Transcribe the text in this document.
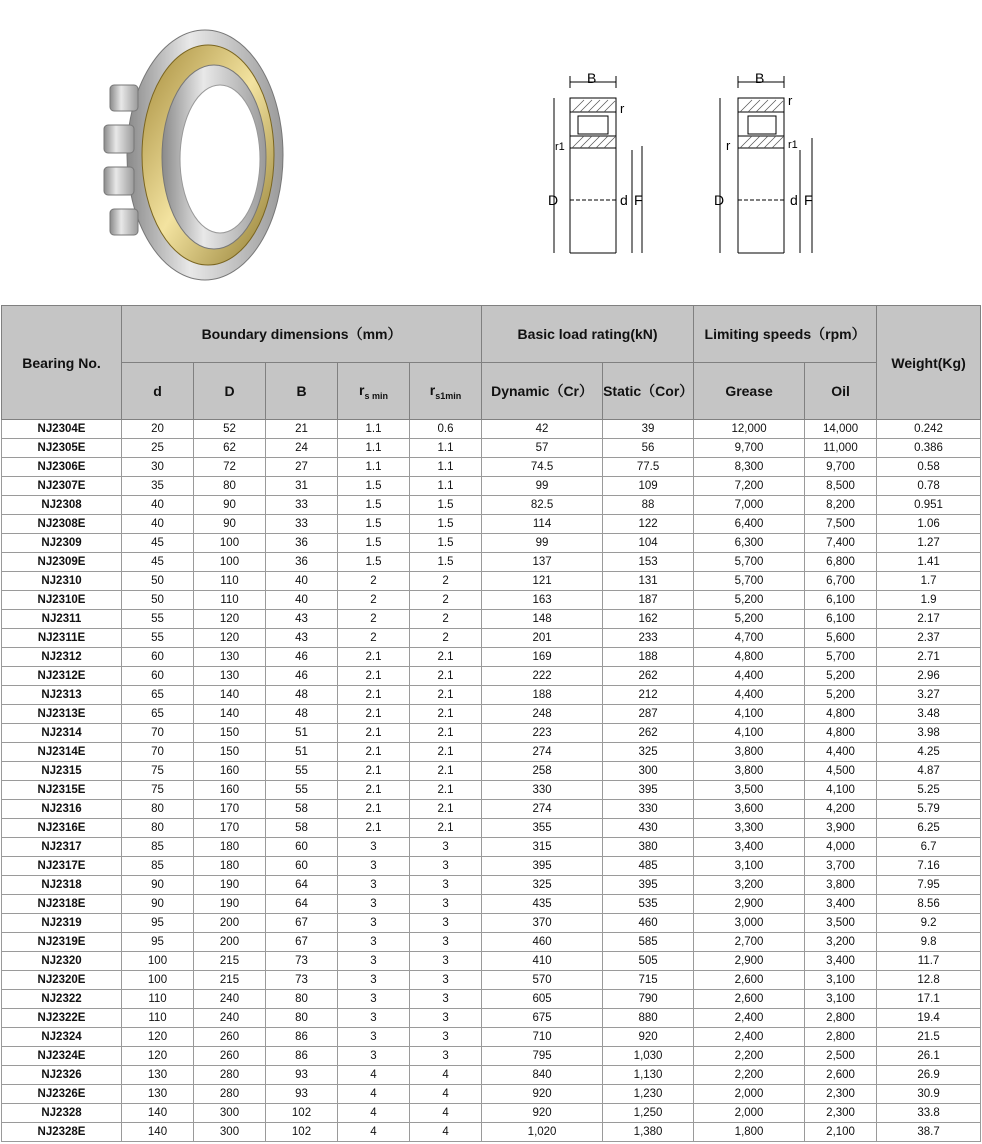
B
r
r1
D	d F
B
r
r	r1
D	d F
Bearing No.	Boundary dimensions（mm）					Basic load rating(kN)		Limiting speeds（rpm）		Weight(Kg)
	d	D	B	$r_{s min}$	$r_{s1min}$	Dynamic（Cr）	Static（Cor）	Grease	Oil	
NJ2304E	20	52	21	1.1	0.6	42	39	12,000	14,000	0.242
NJ2305E	25	62	24	1.1	1.1	57	56	9,700	11,000	0.386
NJ2306E	30	72	27	1.1	1.1	74.5	77.5	8,300	9,700	0.58
NJ2307E	35	80	31	1.5	1.1	99	109	7,200	8,500	0.78
NJ2308	40	90	33	1.5	1.5	82.5	88	7,000	8,200	0.951
NJ2308E	40	90	33	1.5	1.5	114	122	6,400	7,500	1.06
NJ2309	45	100	36	1.5	1.5	99	104	6,300	7,400	1.27
NJ2309E	45	100	36	1.5	1.5	137	153	5,700	6,800	1.41
NJ2310	50	110	40	2	2	121	131	5,700	6,700	1.7
NJ2310E	50	110	40	2	2	163	187	5,200	6,100	1.9
NJ2311	55	120	43	2	2	148	162	5,200	6,100	2.17
NJ2311E	55	120	43	2	2	201	233	4,700	5,600	2.37
NJ2312	60	130	46	2.1	2.1	169	188	4,800	5,700	2.71
NJ2312E	60	130	46	2.1	2.1	222	262	4,400	5,200	2.96
NJ2313	65	140	48	2.1	2.1	188	212	4,400	5,200	3.27
NJ2313E	65	140	48	2.1	2.1	248	287	4,100	4,800	3.48
NJ2314	70	150	51	2.1	2.1	223	262	4,100	4,800	3.98
NJ2314E	70	150	51	2.1	2.1	274	325	3,800	4,400	4.25
NJ2315	75	160	55	2.1	2.1	258	300	3,800	4,500	4.87
NJ2315E	75	160	55	2.1	2.1	330	395	3,500	4,100	5.25
NJ2316	80	170	58	2.1	2.1	274	330	3,600	4,200	5.79
NJ2316E	80	170	58	2.1	2.1	355	430	3,300	3,900	6.25
NJ2317	85	180	60	3	3	315	380	3,400	4,000	6.7
NJ2317E	85	180	60	3	3	395	485	3,100	3,700	7.16
NJ2318	90	190	64	3	3	325	395	3,200	3,800	7.95
NJ2318E	90	190	64	3	3	435	535	2,900	3,400	8.56
NJ2319	95	200	67	3	3	370	460	3,000	3,500	9.2
NJ2319E	95	200	67	3	3	460	585	2,700	3,200	9.8
NJ2320	100	215	73	3	3	410	505	2,900	3,400	11.7
NJ2320E	100	215	73	3	3	570	715	2,600	3,100	12.8
NJ2322	110	240	80	3	3	605	790	2,600	3,100	17.1
NJ2322E	110	240	80	3	3	675	880	2,400	2,800	19.4
NJ2324	120	260	86	3	3	710	920	2,400	2,800	21.5
NJ2324E	120	260	86	3	3	795	1,030	2,200	2,500	26.1
NJ2326	130	280	93	4	4	840	1,130	2,200	2,600	26.9
NJ2326E	130	280	93	4	4	920	1,230	2,000	2,300	30.9
NJ2328	140	300	102	4	4	920	1,250	2,000	2,300	33.8
NJ2328E	140	300	102	4	4	1,020	1,380	1,800	2,100	38.7
